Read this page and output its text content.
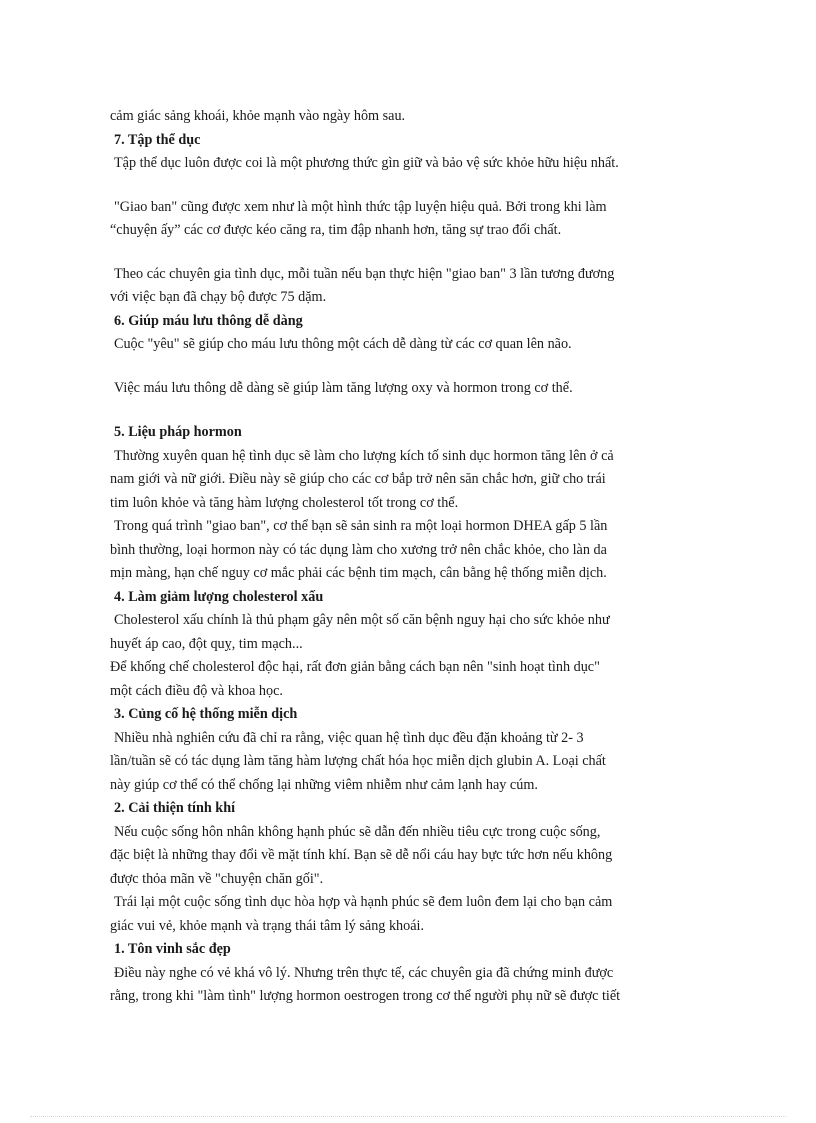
cảm giác sảng khoái, khỏe mạnh vào ngày hôm sau.
7. Tập thể dục
Tập thể dục luôn được coi là một phương thức gìn giữ và bảo vệ sức khỏe hữu hiệu nhất.
"Giao ban" cũng được xem như là một hình thức tập luyện hiệu quả. Bởi trong khi làm
“chuyện ấy” các cơ được kéo căng ra, tim đập nhanh hơn, tăng sự trao đổi chất.
Theo các chuyên gia tình dục, mỗi tuần nếu bạn thực hiện "giao ban" 3 lần tương đương
với việc bạn đã chạy bộ được 75 dặm.
6. Giúp máu lưu thông dễ dàng
Cuộc "yêu" sẽ giúp cho máu lưu thông một cách dễ dàng từ các cơ quan lên não.
Việc máu lưu thông dễ dàng sẽ giúp làm tăng lượng oxy và hormon trong cơ thể.
5. Liệu pháp hormon
Thường xuyên quan hệ tình dục sẽ làm cho lượng kích tố sinh dục hormon tăng lên ở cả
nam giới và nữ giới. Điều này sẽ giúp cho các cơ bắp trở nên săn chắc hơn, giữ cho trái
tim luôn khỏe và tăng hàm lượng cholesterol tốt trong cơ thể.
Trong quá trình "giao ban", cơ thể bạn sẽ sản sinh ra một loại hormon DHEA gấp 5 lần
bình thường, loại hormon này có tác dụng làm cho xương trở nên chắc khỏe, cho làn da
mịn màng, hạn chế nguy cơ mắc phải các bệnh tim mạch, cân bằng hệ thống miễn dịch.
4. Làm giảm lượng cholesterol xấu
Cholesterol xấu chính là thủ phạm gây nên một số căn bệnh nguy hại cho sức khỏe như
huyết áp cao, đột quỵ, tim mạch...
Để khống chế cholesterol độc hại, rất đơn giản bằng cách bạn nên "sinh hoạt tình dục"
một cách điều độ và khoa học.
3. Củng cố hệ thống miễn dịch
Nhiều nhà nghiên cứu đã chỉ ra rằng, việc quan hệ tình dục đều đặn khoảng từ 2- 3
lần/tuần sẽ có tác dụng làm tăng hàm lượng chất hóa học miễn dịch glubin A. Loại chất
này giúp cơ thể có thể chống lại những viêm nhiễm như cảm lạnh hay cúm.
2. Cải thiện tính khí
Nếu cuộc sống hôn nhân không hạnh phúc sẽ dẫn đến nhiều tiêu cực trong cuộc sống,
đặc biệt là những thay đổi về mặt tính khí. Bạn sẽ dễ nổi cáu hay bực tức hơn nếu không
được thỏa mãn về "chuyện chăn gối".
Trái lại một cuộc sống tình dục hòa hợp và hạnh phúc sẽ đem luôn đem lại cho bạn cảm
giác vui vẻ, khỏe mạnh và trạng thái tâm lý sảng khoái.
1. Tôn vinh sắc đẹp
Điều này nghe có vẻ khá vô lý. Nhưng trên thực tế, các chuyên gia đã chứng minh được
rằng, trong khi "làm tình" lượng hormon oestrogen trong cơ thể người phụ nữ sẽ được tiết
